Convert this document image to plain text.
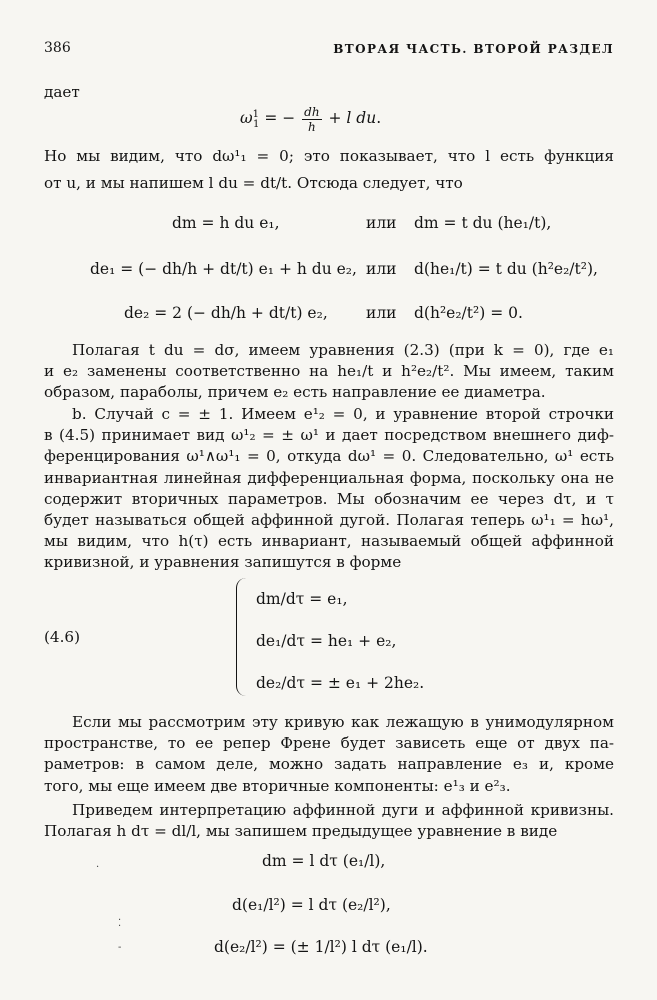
386	ВТОРАЯ ЧАСТЬ. ВТОРОЙ РАЗДЕЛ
дает
$\omega^1_1$ = − $\frac{dh}{h} + l$ du.
Но мы видим, что dω¹₁ = 0; это показывает, что l есть функция
от u, и мы напишем l du = dt/t. Отсюда следует, что
dm = h du e₁,	или dm = t du (he₁/t),
de₁ = (− dh/h + dt/t) e₁ + h du e₂, или d(he₁/t) = t du (h²e₂/t²),
de₂ = 2 (− dh/h + dt/t) e₂, или d(h²e₂/t²) = 0.
Полагая t du = dσ, имеем уравнения (2.3) (при k = 0), где e₁
и e₂ заменены соответственно на he₁/t и h²e₂/t². Мы имеем, таким
образом, параболы, причем e₂ есть направление ее диаметра.
b. Случай c = ± 1. Имеем e¹₂ = 0, и уравнение второй строчки
в (4.5) принимает вид ω¹₂ = ± ω¹ и дает посредством внешнего диф-
ференцирования ω¹∧ω¹₁ = 0, откуда dω¹ = 0. Следовательно, ω¹ есть
инвариантная линейная дифференциальная форма, поскольку она не
содержит вторичных параметров. Мы обозначим ее через dτ, и τ
будет называться общей аффинной дугой. Полагая теперь ω¹₁ = hω¹,
мы видим, что h(τ) есть инвариант, называемый общей аффинной
кривизной, и уравнения запишутся в форме
(4.6)
dm/dτ = e₁,
de₁/dτ = he₁ + e₂,
de₂/dτ = ± e₁ + 2he₂.
Если мы рассмотрим эту кривую как лежащую в унимодулярном
пространстве, то ее репер Френе будет зависеть еще от двух па-
раметров: в самом деле, можно задать направление e₃ и, кроме
того, мы еще имеем две вторичные компоненты: e¹₃ и e²₃.
Приведем интерпретацию аффинной дуги и аффинной кривизны.
Полагая h dτ = dl/l, мы запишем предыдущее уравнение в виде
dm = l dτ (e₁/l),
d(e₁/l²) = l dτ (e₂/l²),
d(e₂/l²) = (± 1/l²) l dτ (e₁/l).
·
⁚
-
